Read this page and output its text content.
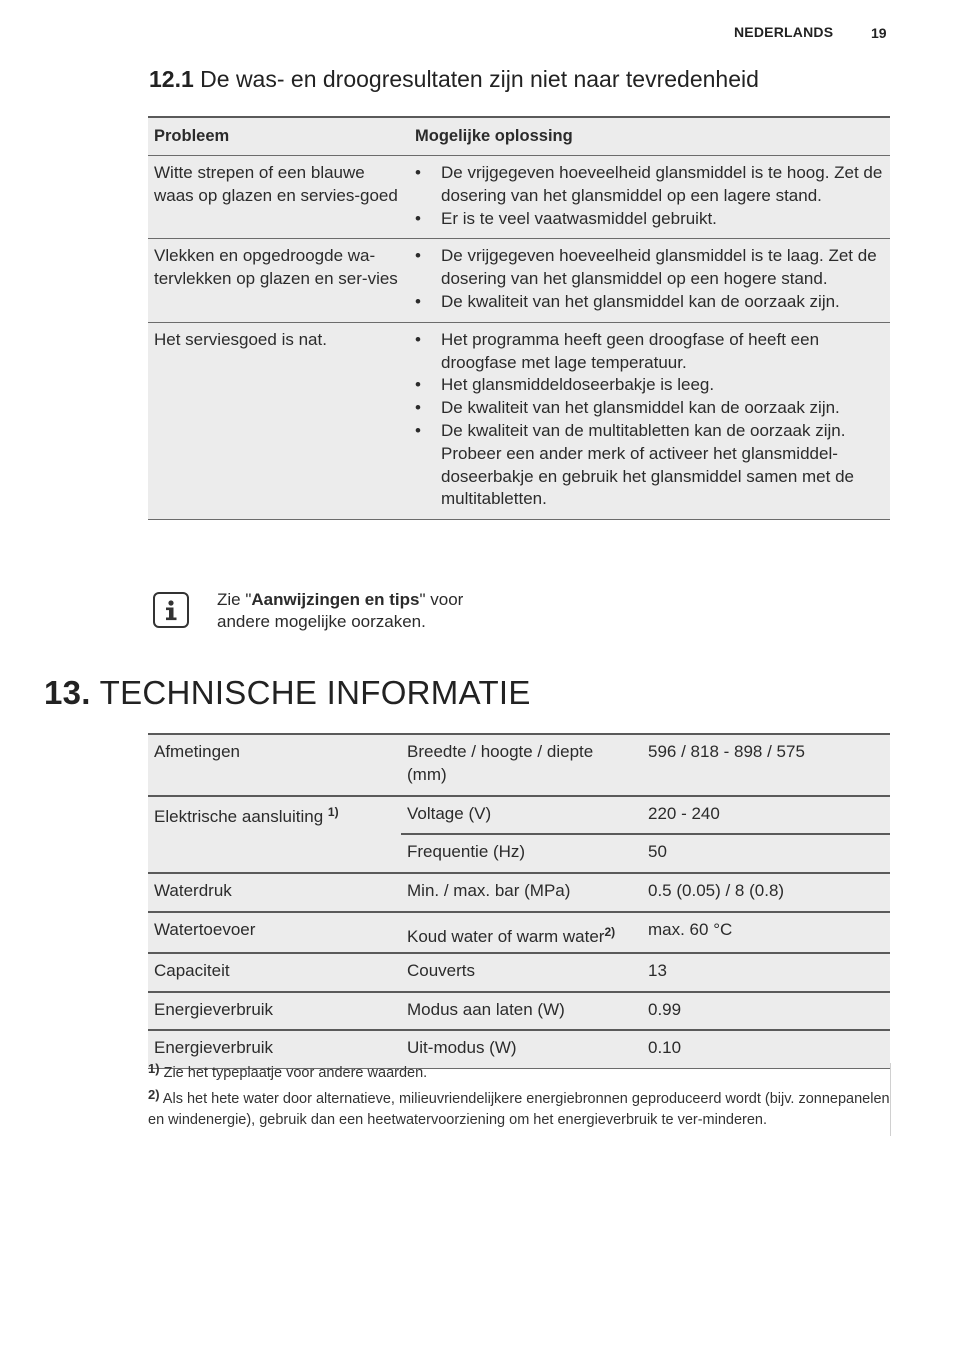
NEDERLANDS	19
12.1 De was- en droogresultaten zijn niet naar tevredenheid
Probleem	Mogelijke oplossing
Witte strepen of een blauwe waas op glazen en servies-goed
• De vrijgegeven hoeveelheid glansmiddel is te hoog. Zet de dosering van het glansmiddel op een lagere stand.
• Er is te veel vaatwasmiddel gebruikt.
Vlekken en opgedroogde wa-tervlekken op glazen en ser-vies
• De vrijgegeven hoeveelheid glansmiddel is te laag. Zet de dosering van het glansmiddel op een hogere stand.
• De kwaliteit van het glansmiddel kan de oorzaak zijn.
Het serviesgoed is nat.
•	Het programma heeft geen droogfase of heeft een droogfase met lage temperatuur.
• Het glansmiddeldoseerbakje is leeg.
• De kwaliteit van het glansmiddel kan de oorzaak zijn.
• De kwaliteit van de multitabletten kan de oorzaak zijn. Probeer een ander merk of activeer het glansmiddel-doseerbakje en gebruik het glansmiddel samen met de multitabletten.
Zie "Aanwijzingen en tips" voor andere mogelijke oorzaken.
13. TECHNISCHE INFORMATIE
Afmetingen	Breedte / hoogte / diepte (mm)
596 / 818 - 898 / 575
Elektrische aansluiting $^{1)}$	Voltage (V)	220 - 240
Frequentie (Hz)	50
Waterdruk	Min. / max. bar (MPa)	0.5 (0.05) / 8 (0.8)
Watertoevoer	Koud water of warm water$^{2)}$	max. 60 °C
Capaciteit	Couverts	13
Energieverbruik	Modus aan laten (W)	0.99
Energieverbruik	Uit-modus (W)	0.10
$^{1)}$ Zie het typeplaatje voor andere waarden.
$^{2)}$ Als het hete water door alternatieve, milieuvriendelijkere energiebronnen geproduceerd wordt (bijv. zonnepanelen en windenergie), gebruik dan een heetwatervoorziening om het energieverbruik te ver-minderen.
